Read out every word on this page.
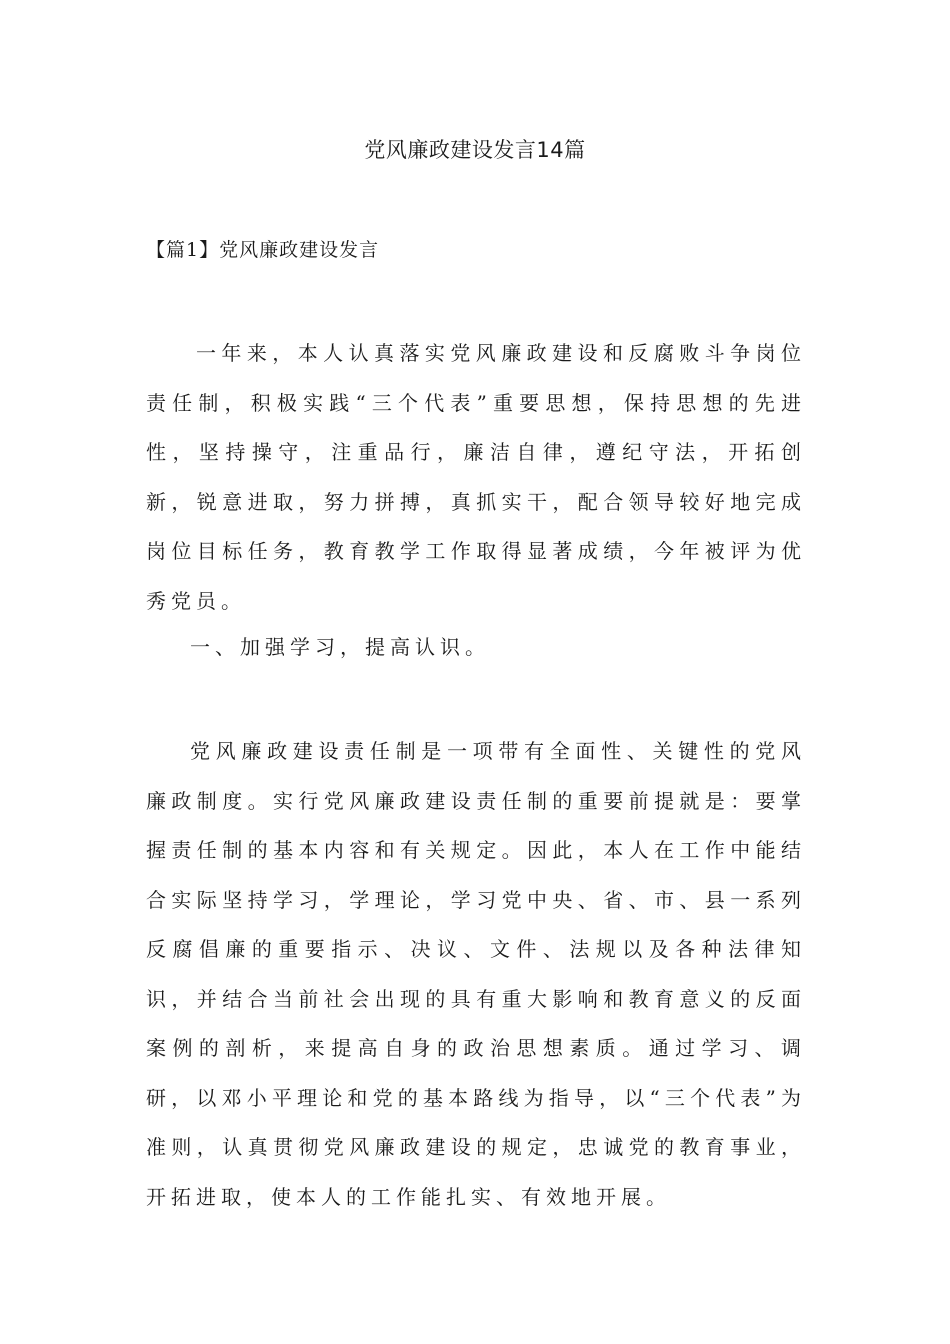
党风廉政建设发言14篇
【篇1】党风廉政建设发言

一年来，本人认真落实党风廉政建设和反腐败斗争岗位责任制，积极实践“三个代表”重要思想，保持思想的先进性，坚持操守，注重品行，廉洁自律，遵纪守法，开拓创新，锐意进取，努力拼搏，真抓实干，配合领导较好地完成岗位目标任务，教育教学工作取得显著成绩，今年被评为优秀党员。

一、加强学习，提高认识。

党风廉政建设责任制是一项带有全面性、关键性的党风廉政制度。实行党风廉政建设责任制的重要前提就是：要掌握责任制的基本内容和有关规定。因此，本人在工作中能结合实际坚持学习，学理论，学习党中央、省、市、县一系列反腐倡廉的重要指示、决议、文件、法规以及各种法律知识，并结合当前社会出现的具有重大影响和教育意义的反面案例的剖析，来提高自身的政治思想素质。通过学习、调研，以邓小平理论和党的基本路线为指导，以“三个代表”为准则，认真贯彻党风廉政建设的规定，忠诚党的教育事业，开拓进取，使本人的工作能扎实、有效地开展。
